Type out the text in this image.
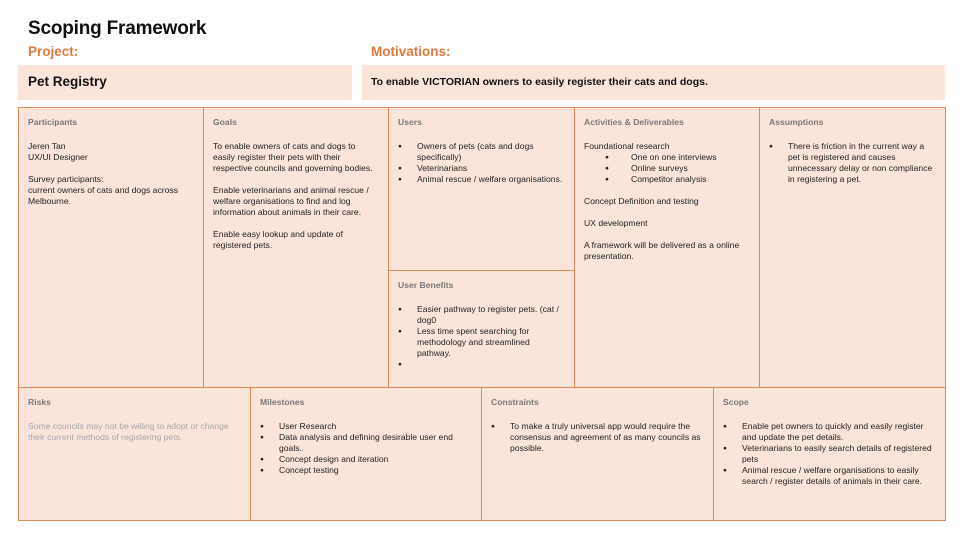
Scoping Framework
Project:	Motivations:
Pet Registry	To enable VICTORIAN owners to easily register their cats and dogs.
Participants
Jeren Tan
UX/UI Designer
Survey participants:
current owners of cats and dogs across Melbourne.
Goals
To enable owners of cats and dogs to easily register their pets with their respective councils and governing bodies.
Enable veterinarians and animal rescue / welfare organisations to find and log information about animals in their care.
Enable easy lookup and update of registered pets.
Users
● Owners of pets (cats and dogs specifically)
● Veterinarians
● Animal rescue / welfare organisations.
User Benefits
● Easier pathway to register pets. (cat / dog0
● Less time spent searching for methodology and streamlined pathway.
●
Activities & Deliverables
Foundational research
● One on one interviews
● Online surveys
● Competitor analysis
Concept Definition and testing
UX development
A framework will be delivered as a online presentation.
Assumptions
● There is friction in the current way a pet is registered and causes unnecessary delay or non compliance in registering a pet.
Risks
Some councils may not be willing to adopt or change their current methods of registering pets.
Milestones
● User Research
● Data analysis and defining desirable user end goals.
● Concept design and iteration
● Concept testing
Constraints
● To make a truly universal app would require the consensus and agreement of as many councils as possible.
Scope
● Enable pet owners to quickly and easily register and update the pet details.
● Veterinarians to easily search details of registered pets
● Animal rescue / welfare organisations to easily search / register details of animals in their care.
